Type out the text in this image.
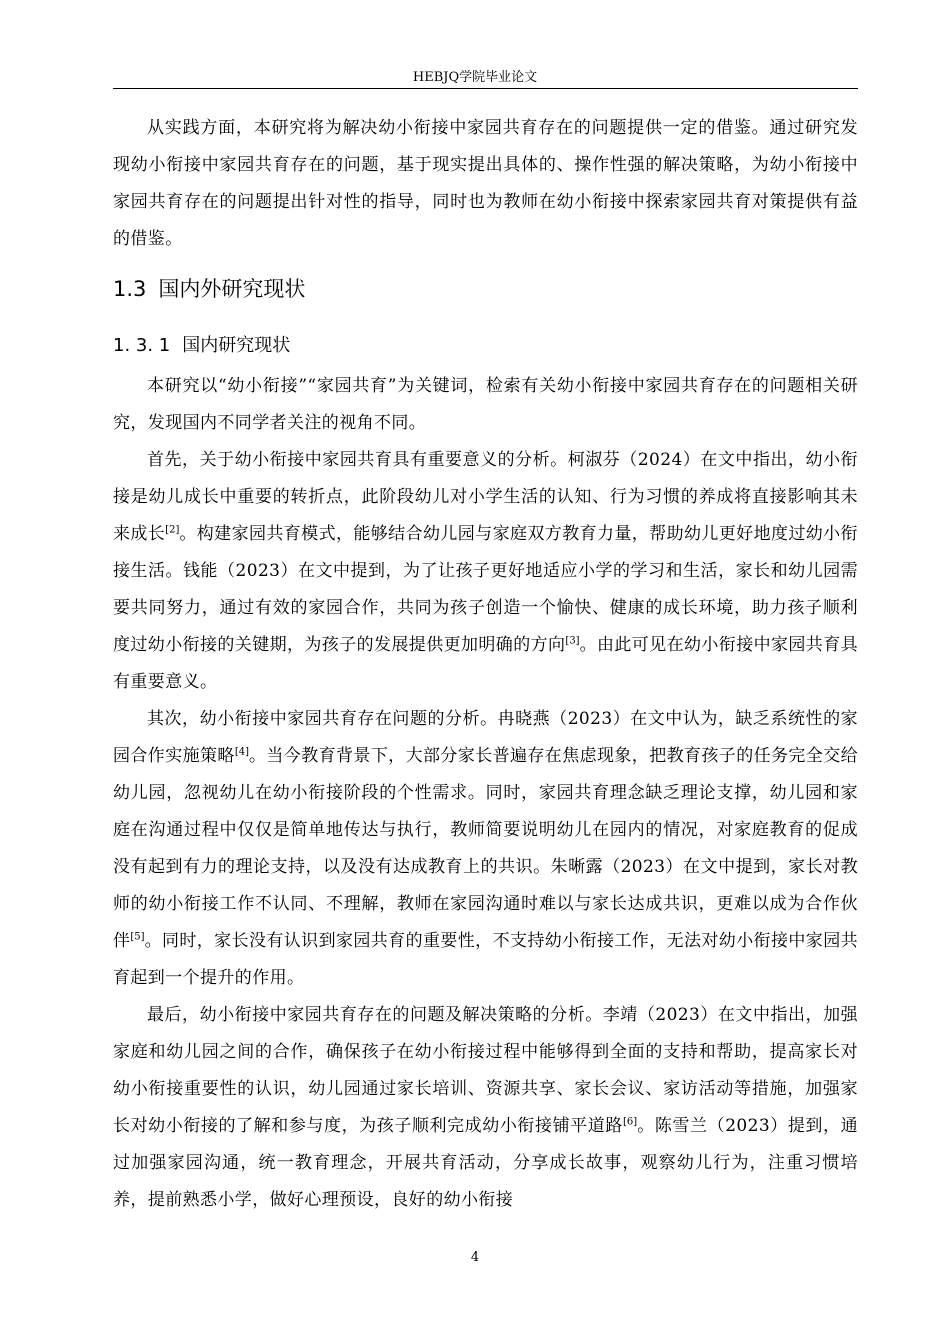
HEBJQ学院毕业论文

从实践方面，本研究将为解决幼小衔接中家园共育存在的问题提供一定的借鉴。通过研究发现幼小衔接中家园共育存在的问题，基于现实提出具体的、操作性强的解决策略，为幼小衔接中家园共育存在的问题提出针对性的指导，同时也为教师在幼小衔接中探索家园共育对策提供有益的借鉴。

1.3 国内外研究现状
1. 3. 1 国内研究现状

本研究以“幼小衔接”“家园共育”为关键词，检索有关幼小衔接中家园共育存在的问题相关研究，发现国内不同学者关注的视角不同。

首先，关于幼小衔接中家园共育具有重要意义的分析。柯淑芬（2024）在文中指出，幼小衔接是幼儿成长中重要的转折点，此阶段幼儿对小学生活的认知、行为习惯的养成将直接影响其未来成长[2]。构建家园共育模式，能够结合幼儿园与家庭双方教育力量，帮助幼儿更好地度过幼小衔接生活。钱能（2023）在文中提到，为了让孩子更好地适应小学的学习和生活，家长和幼儿园需要共同努力，通过有效的家园合作，共同为孩子创造一个愉快、健康的成长环境，助力孩子顺利度过幼小衔接的关键期，为孩子的发展提供更加明确的方向[3]。由此可见在幼小衔接中家园共育具有重要意义。

其次，幼小衔接中家园共育存在问题的分析。冉晓燕（2023）在文中认为，缺乏系统性的家园合作实施策略[4]。当今教育背景下，大部分家长普遍存在焦虑现象，把教育孩子的任务完全交给幼儿园，忽视幼儿在幼小衔接阶段的个性需求。同时，家园共育理念缺乏理论支撑，幼儿园和家庭在沟通过程中仅仅是简单地传达与执行，教师简要说明幼儿在园内的情况，对家庭教育的促成没有起到有力的理论支持，以及没有达成教育上的共识。朱晰露（2023）在文中提到，家长对教师的幼小衔接工作不认同、不理解，教师在家园沟通时难以与家长达成共识，更难以成为合作伙伴[5]。同时，家长没有认识到家园共育的重要性，不支持幼小衔接工作，无法对幼小衔接中家园共育起到一个提升的作用。

最后，幼小衔接中家园共育存在的问题及解决策略的分析。李靖（2023）在文中指出，加强家庭和幼儿园之间的合作，确保孩子在幼小衔接过程中能够得到全面的支持和帮助，提高家长对幼小衔接重要性的认识，幼儿园通过家长培训、资源共享、家长会议、家访活动等措施，加强家长对幼小衔接的了解和参与度，为孩子顺利完成幼小衔接铺平道路[6]。陈雪兰（2023）提到，通过加强家园沟通，统一教育理念，开展共育活动，分享成长故事，观察幼儿行为，注重习惯培养，提前熟悉小学，做好心理预设，良好的幼小衔接

4
